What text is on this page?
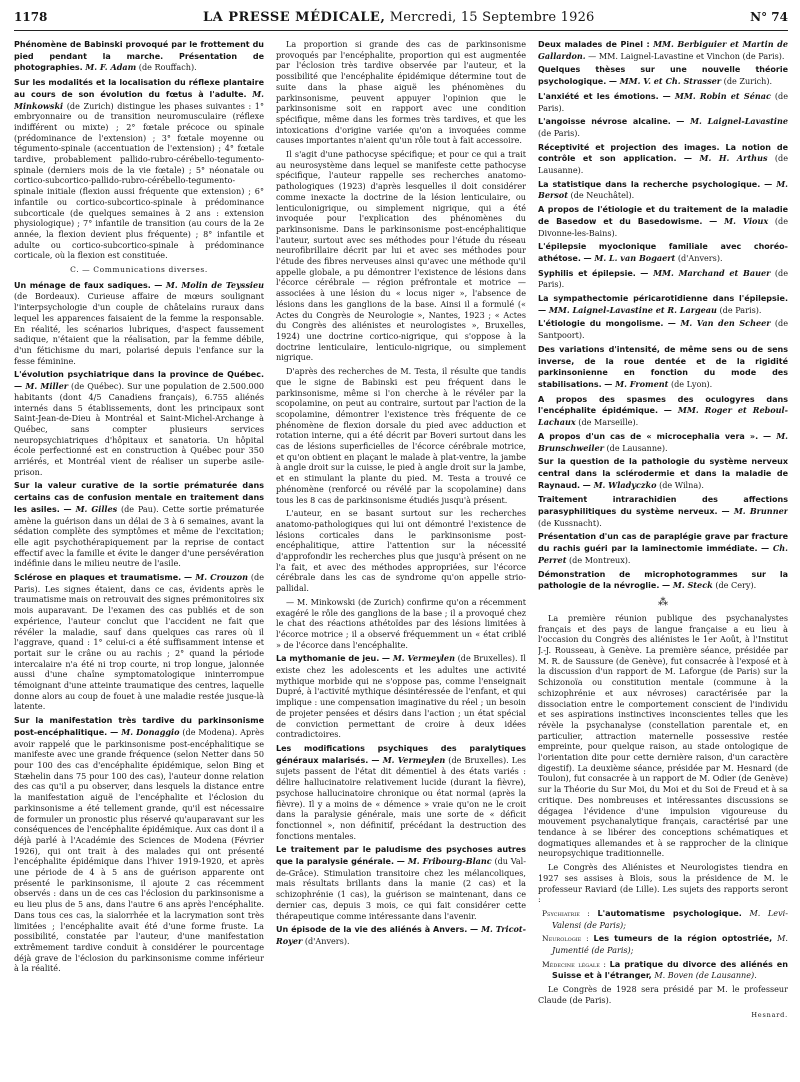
1178	LA PRESSE MÉDICALE, Mercredi, 15 Septembre 1926	N° 74

Phénomène de Babinski provoqué par le frottement du pied pendant la marche. Présentation de photographies. M. F. Adam (de Rouffach).

Sur les modalités et la localisation du réflexe plantaire au cours de son évolution du fœtus à l'adulte. M. Minkowski (de Zurich) distingue les phases suivantes : 1° embryonnaire ou de transition neuromusculaire (réflexe indifférent ou mixte) ; 2° fœtale précoce ou spinale (prédominance de l'extension) ; 3° fœtale moyenne ou tégumento-spinale (accentuation de l'extension) ; 4° fœtale tardive, probablement pallido-rubro-cérébello-tegumento-spinale (derniers mois de la vie fœtale) ; 5° néonatale ou cortico-subcortico-pallido-rubro-cérébello-tegumento-spinale initiale (flexion aussi fréquente que extension) ; 6° infantile ou cortico-subcortico-spinale à prédominance subcorticale (de quelques semaines à 2 ans : extension physiologique) ; 7° infantile de transition (au cours de la 2e année, la flexion devient plus fréquente) ; 8° infantile et adulte ou cortico-subcortico-spinale à prédominance corticale, où la flexion est constituée.

C. — Communications diverses.

Un ménage de faux sadiques. — M. Molin de Teyssieu (de Bordeaux). Curieuse affaire de mœurs soulignant l'interpsychologie d'un couple de châtelains ruraux dans lequel les apparences faisaient de la femme la responsable. En réalité, les scénarios lubriques, d'aspect faussement sadique, n'étaient que la réalisation, par la femme débile, d'un fétichisme du mari, polarisé depuis l'enfance sur la fesse féminine.

L'évolution psychiatrique dans la province de Québec. — M. Miller (de Québec). Sur une population de 2.500.000 habitants (dont 4/5 Canadiens français), 6.755 aliénés internés dans 5 établissements, dont les principaux sont Saint-Jean-de-Dieu à Montréal et Saint-Michel-Archange à Québec, sans compter plusieurs services neuropsychiatriques d'hôpitaux et sanatoria. Un hôpital école perfectionné est en construction à Québec pour 350 arriérés, et Montréal vient de réaliser un superbe asile-prison.

Sur la valeur curative de la sortie prématurée dans certains cas de confusion mentale en traitement dans les asiles. — M. Gilles (de Pau). Cette sortie prématurée amène la guérison dans un délai de 3 à 6 semaines, avant la sédation complète des symptômes et même de l'excitation; elle agit psychothérapiquement par la reprise de contact effectif avec la famille et évite le danger d'une persévération indéfinie dans le milieu neutre de l'asile.

Sclérose en plaques et traumatisme. — M. Crouzon (de Paris). Les signes étaient, dans ce cas, évidents après le traumatisme mais on retrouvait des signes prémonitoires six mois auparavant. De l'examen des cas publiés et de son expérience, l'auteur conclut que l'accident ne fait que révéler la maladie, sauf dans quelques cas rares où il l'aggrave, quand : 1° celui-ci a été suffisamment intense et portait sur le crâne ou au rachis ; 2° quand la période intercalaire n'a été ni trop courte, ni trop longue, jalonnée aussi d'une chaîne symptomatologique ininterrompue témoignant d'une atteinte traumatique des centres, laquelle donne alors au coup de fouet à une maladie restée jusque-là latente.

Sur la manifestation très tardive du parkinsonisme post-encéphalitique. — M. Donaggio (de Modena). Après avoir rappelé que le parkinsonisme post-encéphalitique se manifeste avec une grande fréquence (selon Netter dans 50 pour 100 des cas d'encéphalite épidémique, selon Bing et Stæhelin dans 75 pour 100 des cas), l'auteur donne relation des cas qu'il a pu observer, dans lesquels la distance entre la manifestation aiguë de l'encéphalite et l'éclosion du parkinsonisme a été tellement grande, qu'il est nécessaire de formuler un pronostic plus réservé qu'auparavant sur les conséquences de l'encéphalite épidémique. Aux cas dont il a déjà parlé à l'Académie des Sciences de Modena (Février 1926), qui ont trait à des malades qui ont présenté l'encéphalite épidémique dans l'hiver 1919-1920, et après une période de 4 à 5 ans de guérison apparente ont présenté le parkinsonisme, il ajoute 2 cas récemment observés : dans un de ces cas l'éclosion du parkinsonisme a eu lieu plus de 5 ans, dans l'autre 6 ans après l'encéphalite. Dans tous ces cas, la sialorrhée et la lacrymation sont très limitées ; l'encéphalite avait été d'une forme fruste. La possibilité, constatée par l'auteur, d'une manifestation extrêmement tardive conduit à considérer le pourcentage déjà grave de l'éclosion du parkinsonisme comme inférieur à la réalité.

La proportion si grande des cas de parkinsonisme provoqués par l'encéphalite, proportion qui est augmentée par l'éclosion très tardive observée par l'auteur, et la possibilité que l'encéphalite épidémique détermine tout de suite dans la phase aiguë les phénomènes du parkinsonisme, peuvent appuyer l'opinion que le parkinsonisme soit en rapport avec une condition spécifique, même dans les formes très tardives, et que les intoxications d'origine variée qu'on a invoquées comme causes importantes n'aient qu'un rôle tout à fait accessoire.

Il s'agit d'une pathocyse spécifique; et pour ce qui a trait au neurosystème dans lequel se manifeste cette pathocyse spécifique, l'auteur rappelle ses recherches anatomo-pathologiques (1923) d'après lesquelles il doit considérer comme inexacte la doctrine de la lésion lenticulaire, ou lenticulonigrique, ou simplement nigrique, qui a été invoquée pour l'explication des phénomènes du parkinsonisme. Dans le parkinsonisme post-encéphalitique l'auteur, surtout avec ses méthodes pour l'étude du réseau neurofibrillaire décrit par lui et avec ses méthodes pour l'étude des fibres nerveuses ainsi qu'avec une méthode qu'il appelle globale, a pu démontrer l'existence de lésions dans l'écorce cérébrale — région préfrontale et motrice — associées à une lésion du « locus niger », l'absence de lésions dans les ganglions de la base. Ainsi il a formulé (« Actes du Congrès de Neurologie », Nantes, 1923 ; « Actes du Congrès des aliénistes et neurologistes », Bruxelles, 1924) une doctrine cortico-nigrique, qui s'oppose à la doctrine lenticulaire, lenticulo-nigrique, ou simplement nigrique.

D'après des recherches de M. Testa, il résulte que tandis que le signe de Babinski est peu fréquent dans le parkinsonisme, même si l'on cherche à le révéler par la scopolamine, on peut au contraire, surtout par l'action de la scopolamine, démontrer l'existence très fréquente de ce phénomène de flexion dorsale du pied avec adduction et rotation interne, qui a été décrit par Boveri surtout dans les cas de lésions superficielles de l'écorce cérébrale motrice, et qu'on obtient en plaçant le malade à plat-ventre, la jambe à angle droit sur la cuisse, le pied à angle droit sur la jambe, et en stimulant la plante du pied. M. Testa a trouvé ce phénomène (renforcé ou révélé par la scopolamine) dans tous les 8 cas de parkinsonisme étudiés jusqu'à présent.

L'auteur, en se basant surtout sur les recherches anatomo-pathologiques qui lui ont démontré l'existence de lésions corticales dans le parkinsonisme post-encéphalitique, attire l'attention sur la nécessité d'approfondir les recherches plus que jusqu'à présent on ne l'a fait, et avec des méthodes appropriées, sur l'écorce cérébrale dans les cas de syndrome qu'on appelle strio-pallidal.

— M. Minkowski (de Zurich) confirme qu'on a récemment exagéré le rôle des ganglions de la base ; il a provoqué chez le chat des réactions athétoïdes par des lésions limitées à l'écorce motrice ; il a observé fréquemment un « état criblé » de l'écorce dans l'encéphalite.

La mythomanie de jeu. — M. Vermeylen (de Bruxelles). Il existe chez les adolescents et les adultes une activité mythique morbide qui ne s'oppose pas, comme l'enseignait Dupré, à l'activité mythique désintéressée de l'enfant, et qui implique : une compensation imaginative du réel ; un besoin de projeter pensées et désirs dans l'action ; un état spécial de conviction permettant de croire à deux idées contradictoires.

Les modifications psychiques des paralytiques généraux malarisés. — M. Vermeylen (de Bruxelles). Les sujets passent de l'état dit démentiel à des états variés : délire hallucinatoire relativement lucide (durant la fièvre), psychose hallucinatoire chronique ou état normal (après la fièvre). Il y a moins de « démence » vraie qu'on ne le croit dans la paralysie générale, mais une sorte de « déficit fonctionnel », non définitif, précédant la destruction des fonctions mentales.

Le traitement par le paludisme des psychoses autres que la paralysie générale. — M. Fribourg-Blanc (du Val-de-Grâce). Stimulation transitoire chez les mélancoliques, mais résultats brillants dans la manie (2 cas) et la schizophrénie (1 cas), la guérison se maintenant, dans ce dernier cas, depuis 3 mois, ce qui fait considérer cette thérapeutique comme intéressante dans l'avenir.

Un épisode de la vie des aliénés à Anvers. — M. Tricot-Royer (d'Anvers).

Deux malades de Pinel : MM. Berbiguier et Martin de Gallardon. — MM. Laignel-Lavastine et Vinchon (de Paris).

Quelques thèses sur une nouvelle théorie psychologique. — MM. V. et Ch. Strasser (de Zurich).

L'anxiété et les émotions. — MM. Robin et Sénac (de Paris).

L'angoisse névrose alcaline. — M. Laignel-Lavastine (de Paris).

Réceptivité et projection des images. La notion de contrôle et son application. — M. H. Arthus (de Lausanne).

La statistique dans la recherche psychologique. — M. Bersot (de Neuchâtel).

A propos de l'étiologie et du traitement de la maladie de Basedow et du Basedowisme. — M. Vioux (de Divonne-les-Bains).

L'épilepsie myoclonique familiale avec choréo-athétose. — M. L. van Bogaert (d'Anvers).

Syphilis et épilepsie. — MM. Marchand et Bauer (de Paris).

La sympathectomie péricarotidienne dans l'épilepsie. — MM. Laignel-Lavastine et R. Largeau (de Paris).

L'étiologie du mongolisme. — M. Van den Scheer (de Santpoort).

Des variations d'intensité, de même sens ou de sens inverse, de la roue dentée et de la rigidité parkinsonienne en fonction du mode des stabilisations. — M. Froment (de Lyon).

A propos des spasmes des oculogyres dans l'encéphalite épidémique. — MM. Roger et Reboul-Lachaux (de Marseille).

A propos d'un cas de « microcephalia vera ». — M. Brunschweiler (de Lausanne).

Sur la question de la pathologie du système nerveux central dans la sclérodermie et dans la maladie de Raynaud. — M. Wladyczko (de Wilna).

Traitement intrarachidien des affections parasyphilitiques du système nerveux. — M. Brunner (de Kussnacht).

Présentation d'un cas de paraplégie grave par fracture du rachis guéri par la laminectomie immédiate. — Ch. Perret (de Montreux).

Démonstration de microphotogrammes sur la pathologie de la névroglie. — M. Steck (de Cery).

⁂

La première réunion publique des psychanalystes français et des pays de langue française a eu lieu à l'occasion du Congrès des aliénistes le 1er Août, à l'Institut J.-J. Rousseau, à Genève. La première séance, présidée par M. R. de Saussure (de Genève), fut consacrée à l'exposé et à la discussion d'un rapport de M. Laforgue (de Paris) sur la Schizonoïa ou constitution mentale (commune à la schizophrénie et aux névroses) caractérisée par la dissociation entre le comportement conscient de l'individu et ses aspirations instinctives inconscientes telles que les révèle la psychanalyse (constellation parentale et, en particulier, attraction maternelle possessive restée empreinte, pour quelque raison, au stade ontologique de l'orientation dite pour cette dernière raison, d'un caractère digestif). La deuxième séance, présidée par M. Hesnard (de Toulon), fut consacrée à un rapport de M. Odier (de Genève) sur la Théorie du Sur Moi, du Moi et du Soi de Freud et à sa critique. Des nombreuses et intéressantes discussions se dégagea l'évidence d'une impulsion vigoureuse du mouvement psychanalytique français, caractérisé par une tendance à se libérer des conceptions schématiques et dogmatiques allemandes et à se rapprocher de la clinique neuropsychique traditionnelle.

Le Congrès des Aliénistes et Neurologistes tiendra en 1927 ses assises à Blois, sous la présidence de M. le professeur Raviard (de Lille). Les sujets des rapports seront :

Psychiatrie : L'automatisme psychologique. M. Levi-Valensi (de Paris);

Neurologie : Les tumeurs de la région optostriée, M. Jumentié (de Paris);

Médecine légale : La pratique du divorce des aliénés en Suisse et à l'étranger, M. Boven (de Lausanne).

Le Congrès de 1928 sera présidé par M. le professeur Claude (de Paris).

Hesnard.
